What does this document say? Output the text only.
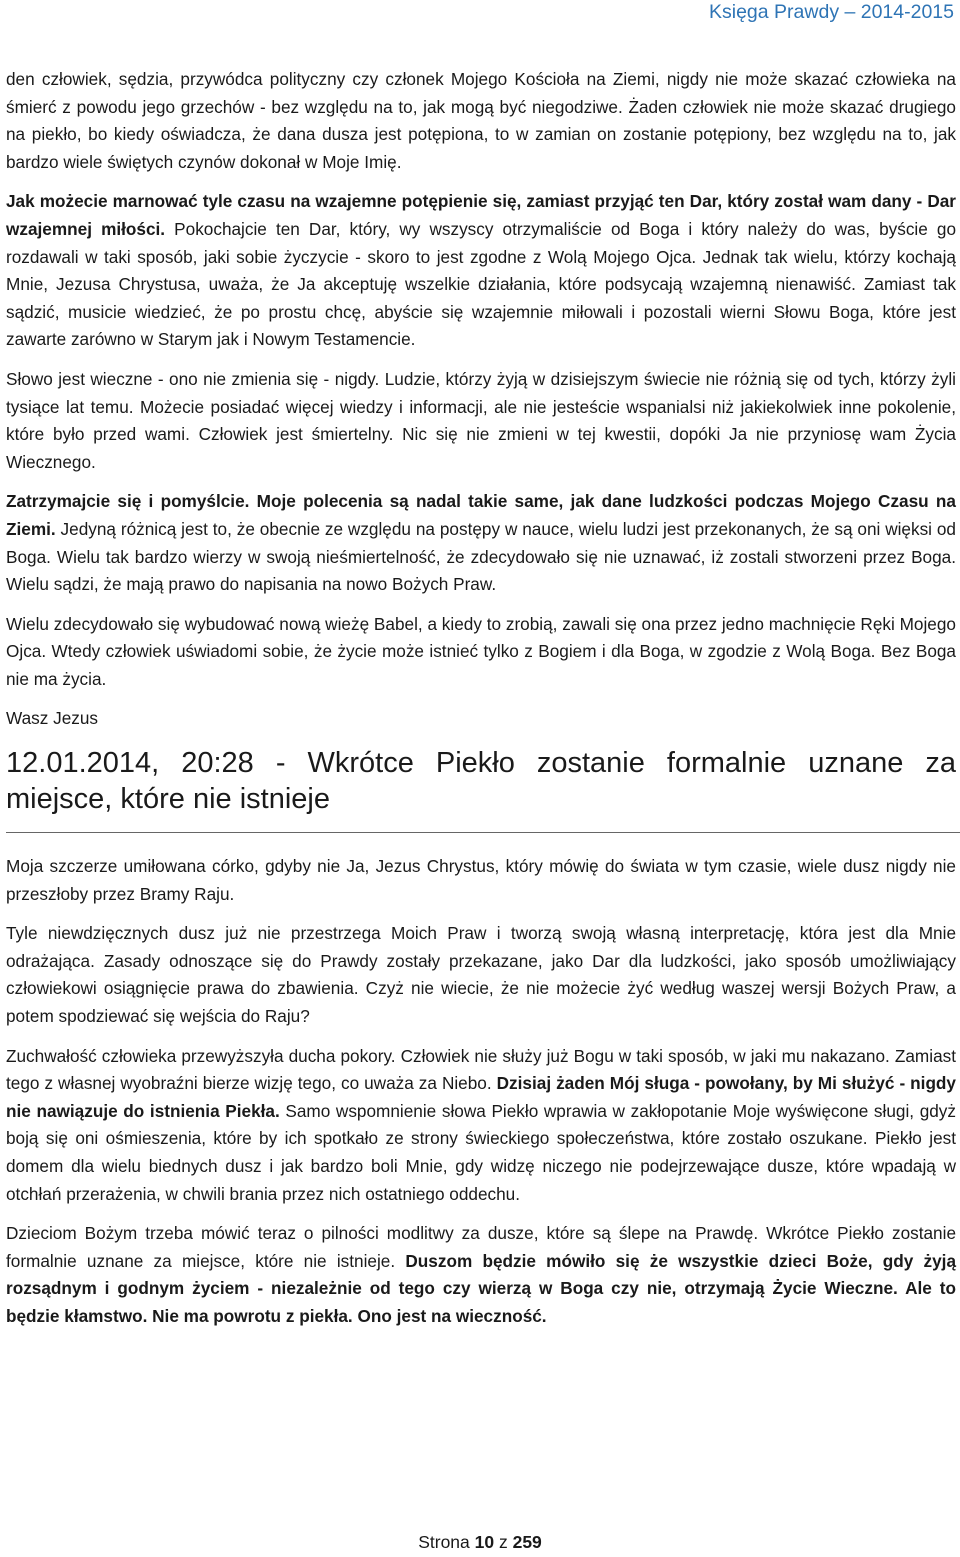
Księga Prawdy – 2014-2015

den człowiek, sędzia, przywódca polityczny czy członek Mojego Kościoła na Ziemi, nigdy nie może skazać człowieka na śmierć z powodu jego grzechów - bez względu na to, jak mogą być niegodziwe. Żaden człowiek nie może skazać drugiego na piekło, bo kiedy oświadcza, że dana dusza jest potępiona, to w zamian on zostanie potępiony, bez względu na to, jak bardzo wiele świętych czynów dokonał w Moje Imię.

Jak możecie marnować tyle czasu na wzajemne potępienie się, zamiast przyjąć ten Dar, który został wam dany - Dar wzajemnej miłości. Pokochajcie ten Dar, który, wy wszyscy otrzymaliście od Boga i który należy do was, byście go rozdawali w taki sposób, jaki sobie życzycie - skoro to jest zgodne z Wolą Mojego Ojca. Jednak tak wielu, którzy kochają Mnie, Jezusa Chrystusa, uważa, że Ja akceptuję wszelkie działania, które podsycają wzajemną nienawiść. Zamiast tak sądzić, musicie wiedzieć, że po prostu chcę, abyście się wzajemnie miłowali i pozostali wierni Słowu Boga, które jest zawarte zarówno w Starym jak i Nowym Testamencie.

Słowo jest wieczne - ono nie zmienia się - nigdy. Ludzie, którzy żyją w dzisiejszym świecie nie różnią się od tych, którzy żyli tysiące lat temu. Możecie posiadać więcej wiedzy i informacji, ale nie jesteście wspanialsi niż jakiekolwiek inne pokolenie, które było przed wami. Człowiek jest śmiertelny. Nic się nie zmieni w tej kwestii, dopóki Ja nie przyniosę wam Życia Wiecznego.

Zatrzymajcie się i pomyślcie. Moje polecenia są nadal takie same, jak dane ludzkości podczas Mojego Czasu na Ziemi. Jedyną różnicą jest to, że obecnie ze względu na postępy w nauce, wielu ludzi jest przekonanych, że są oni więksi od Boga. Wielu tak bardzo wierzy w swoją nieśmiertelność, że zdecydowało się nie uznawać, iż zostali stworzeni przez Boga. Wielu sądzi, że mają prawo do napisania na nowo Bożych Praw.

Wielu zdecydowało się wybudować nową wieżę Babel, a kiedy to zrobią, zawali się ona przez jedno machnięcie Ręki Mojego Ojca. Wtedy człowiek uświadomi sobie, że życie może istnieć tylko z Bogiem i dla Boga, w zgodzie z Wolą Boga. Bez Boga nie ma życia.

Wasz Jezus

12.01.2014, 20:28 - Wkrótce Piekło zostanie formalnie uznane za miejsce, które nie istnieje

Moja szczerze umiłowana córko, gdyby nie Ja, Jezus Chrystus, który mówię do świata w tym czasie, wiele dusz nigdy nie przeszłoby przez Bramy Raju.

Tyle niewdzięcznych dusz już nie przestrzega Moich Praw i tworzą swoją własną interpretację, która jest dla Mnie odrażająca. Zasady odnoszące się do Prawdy zostały przekazane, jako Dar dla ludzkości, jako sposób umożliwiający człowiekowi osiągnięcie prawa do zbawienia. Czyż nie wiecie, że nie możecie żyć według waszej wersji Bożych Praw, a potem spodziewać się wejścia do Raju?

Zuchwałość człowieka przewyższyła ducha pokory. Człowiek nie służy już Bogu w taki sposób, w jaki mu nakazano. Zamiast tego z własnej wyobraźni bierze wizję tego, co uważa za Niebo. Dzisiaj żaden Mój sługa - powołany, by Mi służyć - nigdy nie nawiązuje do istnienia Piekła. Samo wspomnienie słowa Piekło wprawia w zakłopotanie Moje wyświęcone sługi, gdyż boją się oni ośmieszenia, które by ich spotkało ze strony świeckiego społeczeństwa, które zostało oszukane. Piekło jest domem dla wielu biednych dusz i jak bardzo boli Mnie, gdy widzę niczego nie podejrzewające dusze, które wpadają w otchłań przerażenia, w chwili brania przez nich ostatniego oddechu.

Dzieciom Bożym trzeba mówić teraz o pilności modlitwy za dusze, które są ślepe na Prawdę. Wkrótce Piekło zostanie formalnie uznane za miejsce, które nie istnieje. Duszom będzie mówiło się że wszystkie dzieci Boże, gdy żyją rozsądnym i godnym życiem - niezależnie od tego czy wierzą w Boga czy nie, otrzymają Życie Wieczne. Ale to będzie kłamstwo. Nie ma powrotu z piekła. Ono jest na wieczność.

Strona 10 z 259
